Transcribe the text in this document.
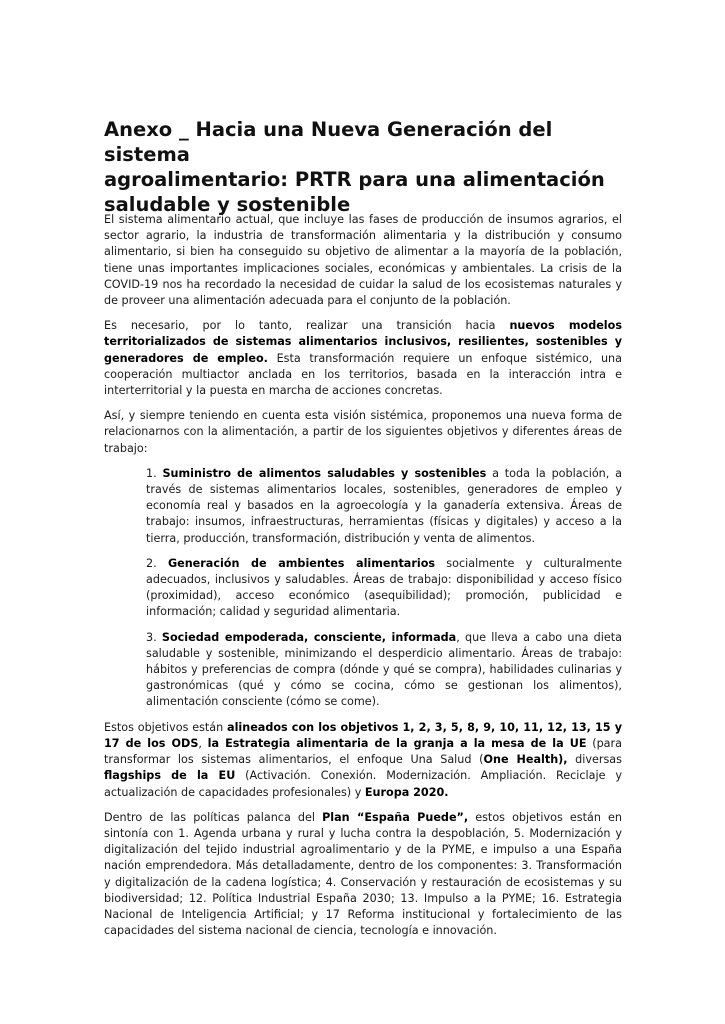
Anexo _ Hacia una Nueva Generación del sistema
agroalimentario: PRTR para una alimentación
saludable y sostenible

El sistema alimentario actual, que incluye las fases de producción de insumos agrarios, el sector agrario, la industria de transformación alimentaria y la distribución y consumo alimentario, si bien ha conseguido su objetivo de alimentar a la mayoría de la población, tiene unas importantes implicaciones sociales, económicas y ambientales. La crisis de la COVID-19 nos ha recordado la necesidad de cuidar la salud de los ecosistemas naturales y de proveer una alimentación adecuada para el conjunto de la población.

Es necesario, por lo tanto, realizar una transición hacia nuevos modelos territorializados de sistemas alimentarios inclusivos, resilientes, sostenibles y generadores de empleo. Esta transformación requiere un enfoque sistémico, una cooperación multiactor anclada en los territorios, basada en la interacción intra e interterritorial y la puesta en marcha de acciones concretas.

Así, y siempre teniendo en cuenta esta visión sistémica, proponemos una nueva forma de relacionarnos con la alimentación, a partir de los siguientes objetivos y diferentes áreas de trabajo:

1. Suministro de alimentos saludables y sostenibles a toda la población, a través de sistemas alimentarios locales, sostenibles, generadores de empleo y economía real y basados en la agroecología y la ganadería extensiva. Áreas de trabajo: insumos, infraestructuras, herramientas (físicas y digitales) y acceso a la tierra, producción, transformación, distribución y venta de alimentos.

2. Generación de ambientes alimentarios socialmente y culturalmente adecuados, inclusivos y saludables. Áreas de trabajo: disponibilidad y acceso físico (proximidad), acceso económico (asequibilidad); promoción, publicidad e información; calidad y seguridad alimentaria.

3. Sociedad empoderada, consciente, informada, que lleva a cabo una dieta saludable y sostenible, minimizando el desperdicio alimentario. Áreas de trabajo: hábitos y preferencias de compra (dónde y qué se compra), habilidades culinarias y gastronómicas (qué y cómo se cocina, cómo se gestionan los alimentos), alimentación consciente (cómo se come).

Estos objetivos están alineados con los objetivos 1, 2, 3, 5, 8, 9, 10, 11, 12, 13, 15 y 17 de los ODS, la Estrategia alimentaria de la granja a la mesa de la UE (para transformar los sistemas alimentarios, el enfoque Una Salud (One Health), diversas flagships de la EU (Activación. Conexión. Modernización. Ampliación. Reciclaje y actualización de capacidades profesionales) y Europa 2020.

Dentro de las políticas palanca del Plan “España Puede”, estos objetivos están en sintonía con 1. Agenda urbana y rural y lucha contra la despoblación, 5. Modernización y digitalización del tejido industrial agroalimentario y de la PYME, e impulso a una España nación emprendedora. Más detalladamente, dentro de los componentes: 3. Transformación y digitalización de la cadena logística; 4. Conservación y restauración de ecosistemas y su biodiversidad; 12. Política Industrial España 2030; 13. Impulso a la PYME; 16. Estrategia Nacional de Inteligencia Artificial; y 17 Reforma institucional y fortalecimiento de las capacidades del sistema nacional de ciencia, tecnología e innovación.
